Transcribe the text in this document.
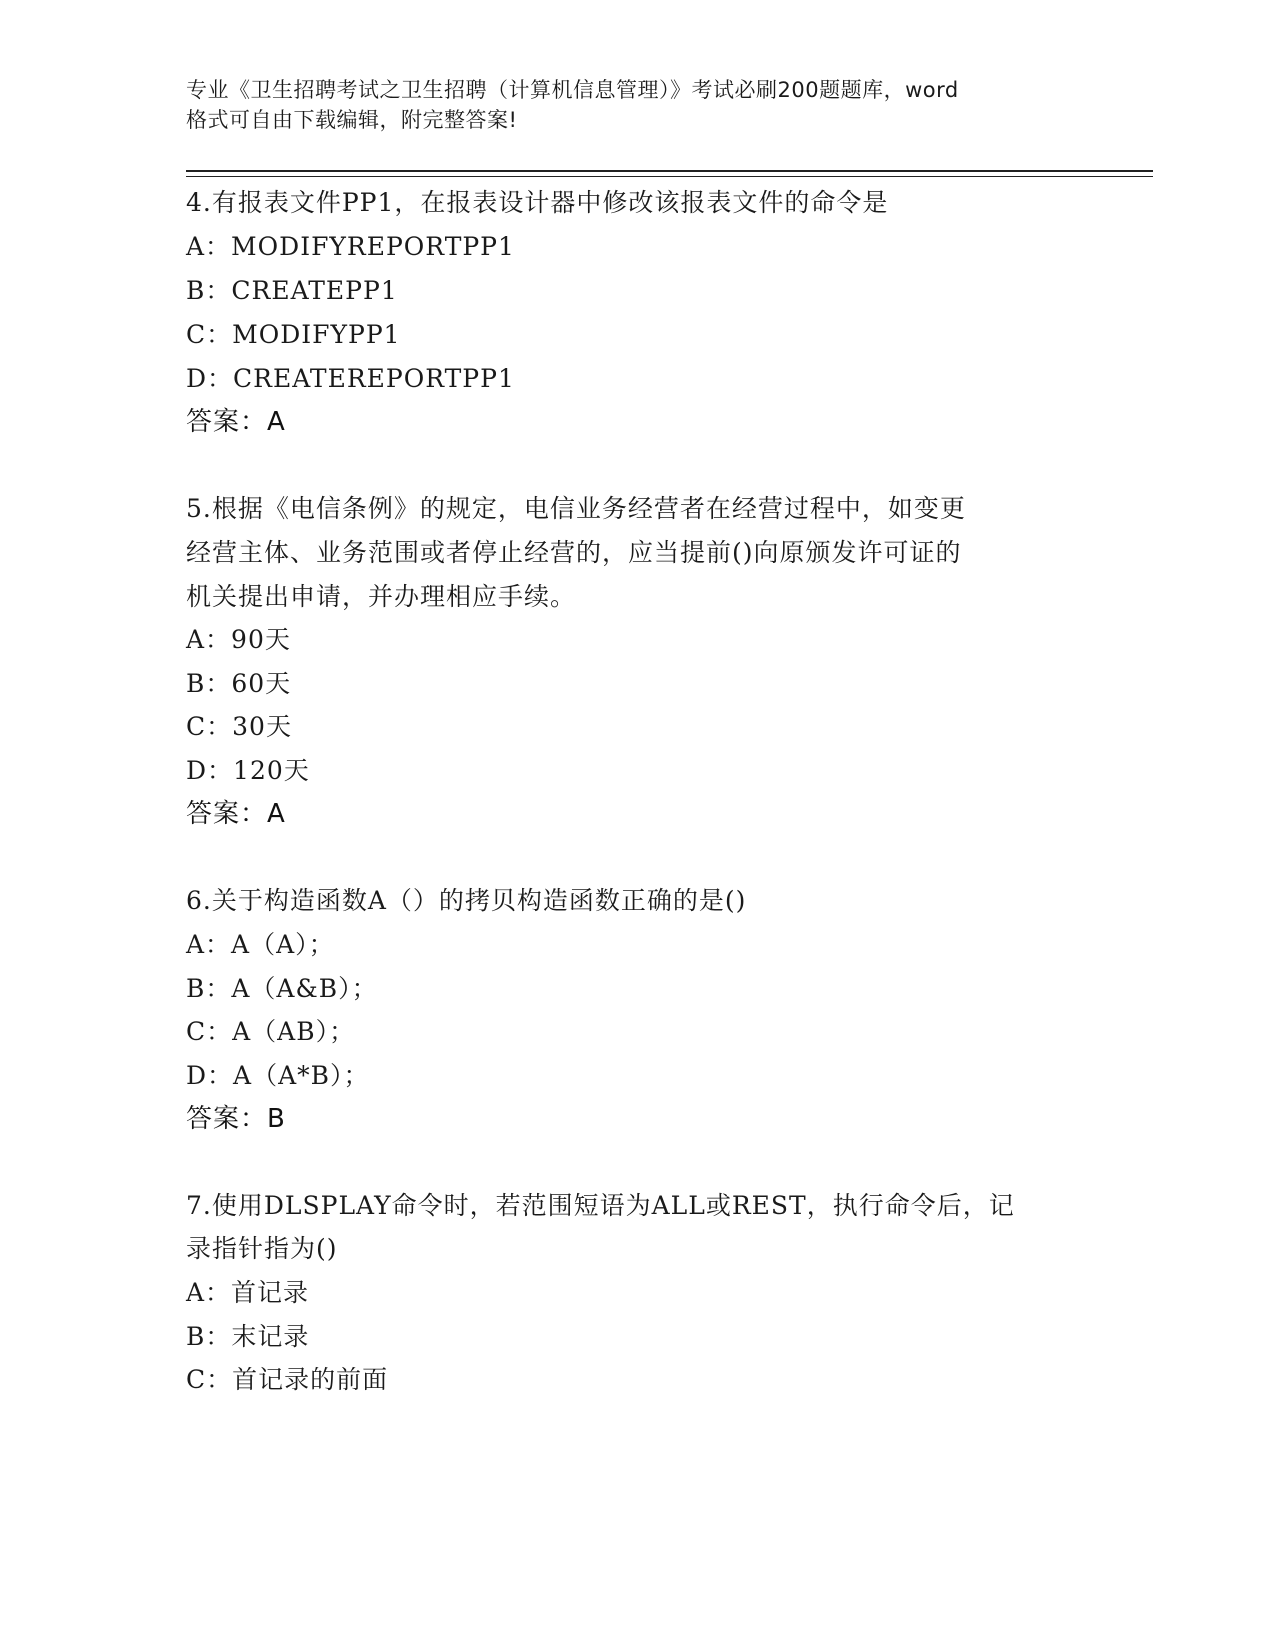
专业《卫生招聘考试之卫生招聘（计算机信息管理）》考试必刷200题题库，word
格式可自由下载编辑，附完整答案!
4.有报表文件PP1，在报表设计器中修改该报表文件的命令是
A：MODIFYREPORTPP1
B：CREATEPP1
C：MODIFYPP1
D：CREATEREPORTPP1
答案：A
5.根据《电信条例》的规定，电信业务经营者在经营过程中，如变更
经营主体、业务范围或者停止经营的，应当提前()向原颁发许可证的
机关提出申请，并办理相应手续。
A：90天
B：60天
C：30天
D：120天
答案：A
6.关于构造函数A（）的拷贝构造函数正确的是()
A：A（A）；
B：A（A&B）；
C：A（AB）；
D：A（A*B）；
答案：B
7.使用DLSPLAY命令时，若范围短语为ALL或REST，执行命令后，记
录指针指为()
A：首记录
B：末记录
C：首记录的前面
